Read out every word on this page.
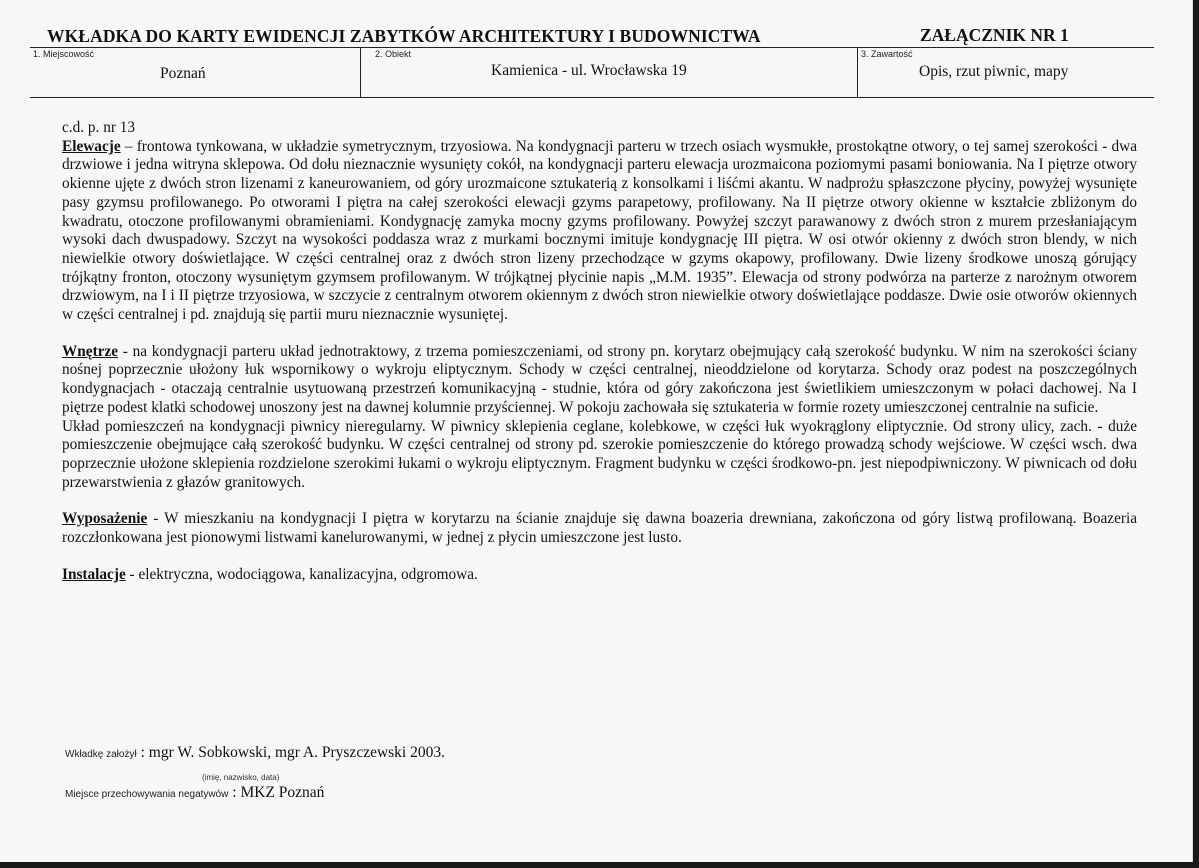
WKŁADKA DO KARTY EWIDENCJI ZABYTKÓW ARCHITEKTURY I BUDOWNICTWA	ZAŁĄCZNIK NR 1
1. Miejscowość
Poznań
2. Obiekt
Kamienica - ul. Wrocławska 19
3. Zawartość
Opis, rzut piwnic, mapy

c.d. p. nr 13

Elewacje – frontowa tynkowana, w układzie symetrycznym, trzyosiowa. Na kondygnacji parteru w trzech osiach wysmukłe, prostokątne otwory, o tej samej szerokości - dwa drzwiowe i jedna witryna sklepowa. Od dołu nieznacznie wysunięty cokół, na kondygnacji parteru elewacja urozmaicona poziomymi pasami boniowania. Na I piętrze otwory okienne ujęte z dwóch stron lizenami z kaneurowaniem, od góry urozmaicone sztukaterią z konsolkami i liśćmi akantu. W nadprożu spłaszczone płyciny, powyżej wysunięte pasy gzymsu profilowanego. Po otworami I piętra na całej szerokości elewacji gzyms parapetowy, profilowany. Na II piętrze otwory okienne w kształcie zbliżonym do kwadratu, otoczone profilowanymi obramieniami. Kondygnację zamyka mocny gzyms profilowany. Powyżej szczyt parawanowy z dwóch stron z murem przesłaniającym wysoki dach dwuspadowy. Szczyt na wysokości poddasza wraz z murkami bocznymi imituje kondygnację III piętra. W osi otwór okienny z dwóch stron blendy, w nich niewielkie otwory doświetlające. W części centralnej oraz z dwóch stron lizeny przechodzące w gzyms okapowy, profilowany. Dwie lizeny środkowe unoszą górujący trójkątny fronton, otoczony wysuniętym gzymsem profilowanym. W trójkątnej płycinie napis „M.M. 1935”. Elewacja od strony podwórza na parterze z narożnym otworem drzwiowym, na I i II piętrze trzyosiowa, w szczycie z centralnym otworem okiennym z dwóch stron niewielkie otwory doświetlające poddasze. Dwie osie otworów okiennych w części centralnej i pd. znajdują się partii muru nieznacznie wysuniętej.

Wnętrze - na kondygnacji parteru układ jednotraktowy, z trzema pomieszczeniami, od strony pn. korytarz obejmujący całą szerokość budynku. W nim na szerokości ściany nośnej poprzecznie ułożony łuk wspornikowy o wykroju eliptycznym. Schody w części centralnej, nieoddzielone od korytarza. Schody oraz podest na poszczególnych kondygnacjach - otaczają centralnie usytuowaną przestrzeń komunikacyjną - studnie, która od góry zakończona jest świetlikiem umieszczonym w połaci dachowej. Na I piętrze podest klatki schodowej unoszony jest na dawnej kolumnie przyściennej. W pokoju zachowała się sztukateria w formie rozety umieszczonej centralnie na suficie.

Układ pomieszczeń na kondygnacji piwnicy nieregularny. W piwnicy sklepienia ceglane, kolebkowe, w części łuk wyokrąglony eliptycznie. Od strony ulicy, zach. - duże pomieszczenie obejmujące całą szerokość budynku. W części centralnej od strony pd. szerokie pomieszczenie do którego prowadzą schody wejściowe. W części wsch. dwa poprzecznie ułożone sklepienia rozdzielone szerokimi łukami o wykroju eliptycznym. Fragment budynku w części środkowo-pn. jest niepodpiwniczony. W piwnicach od dołu przewarstwienia z głazów granitowych.

Wyposażenie - W mieszkaniu na kondygnacji I piętra w korytarzu na ścianie znajduje się dawna boazeria drewniana, zakończona od góry listwą profilowaną. Boazeria rozczłonkowana jest pionowymi listwami kanelurowanymi, w jednej z płycin umieszczone jest lusto.

Instalacje - elektryczna, wodociągowa, kanalizacyjna, odgromowa.

Wkładkę założył : mgr W. Sobkowski, mgr A. Pryszczewski 2003.
(imię, nazwisko, data)
Miejsce przechowywania negatywów : MKZ Poznań
